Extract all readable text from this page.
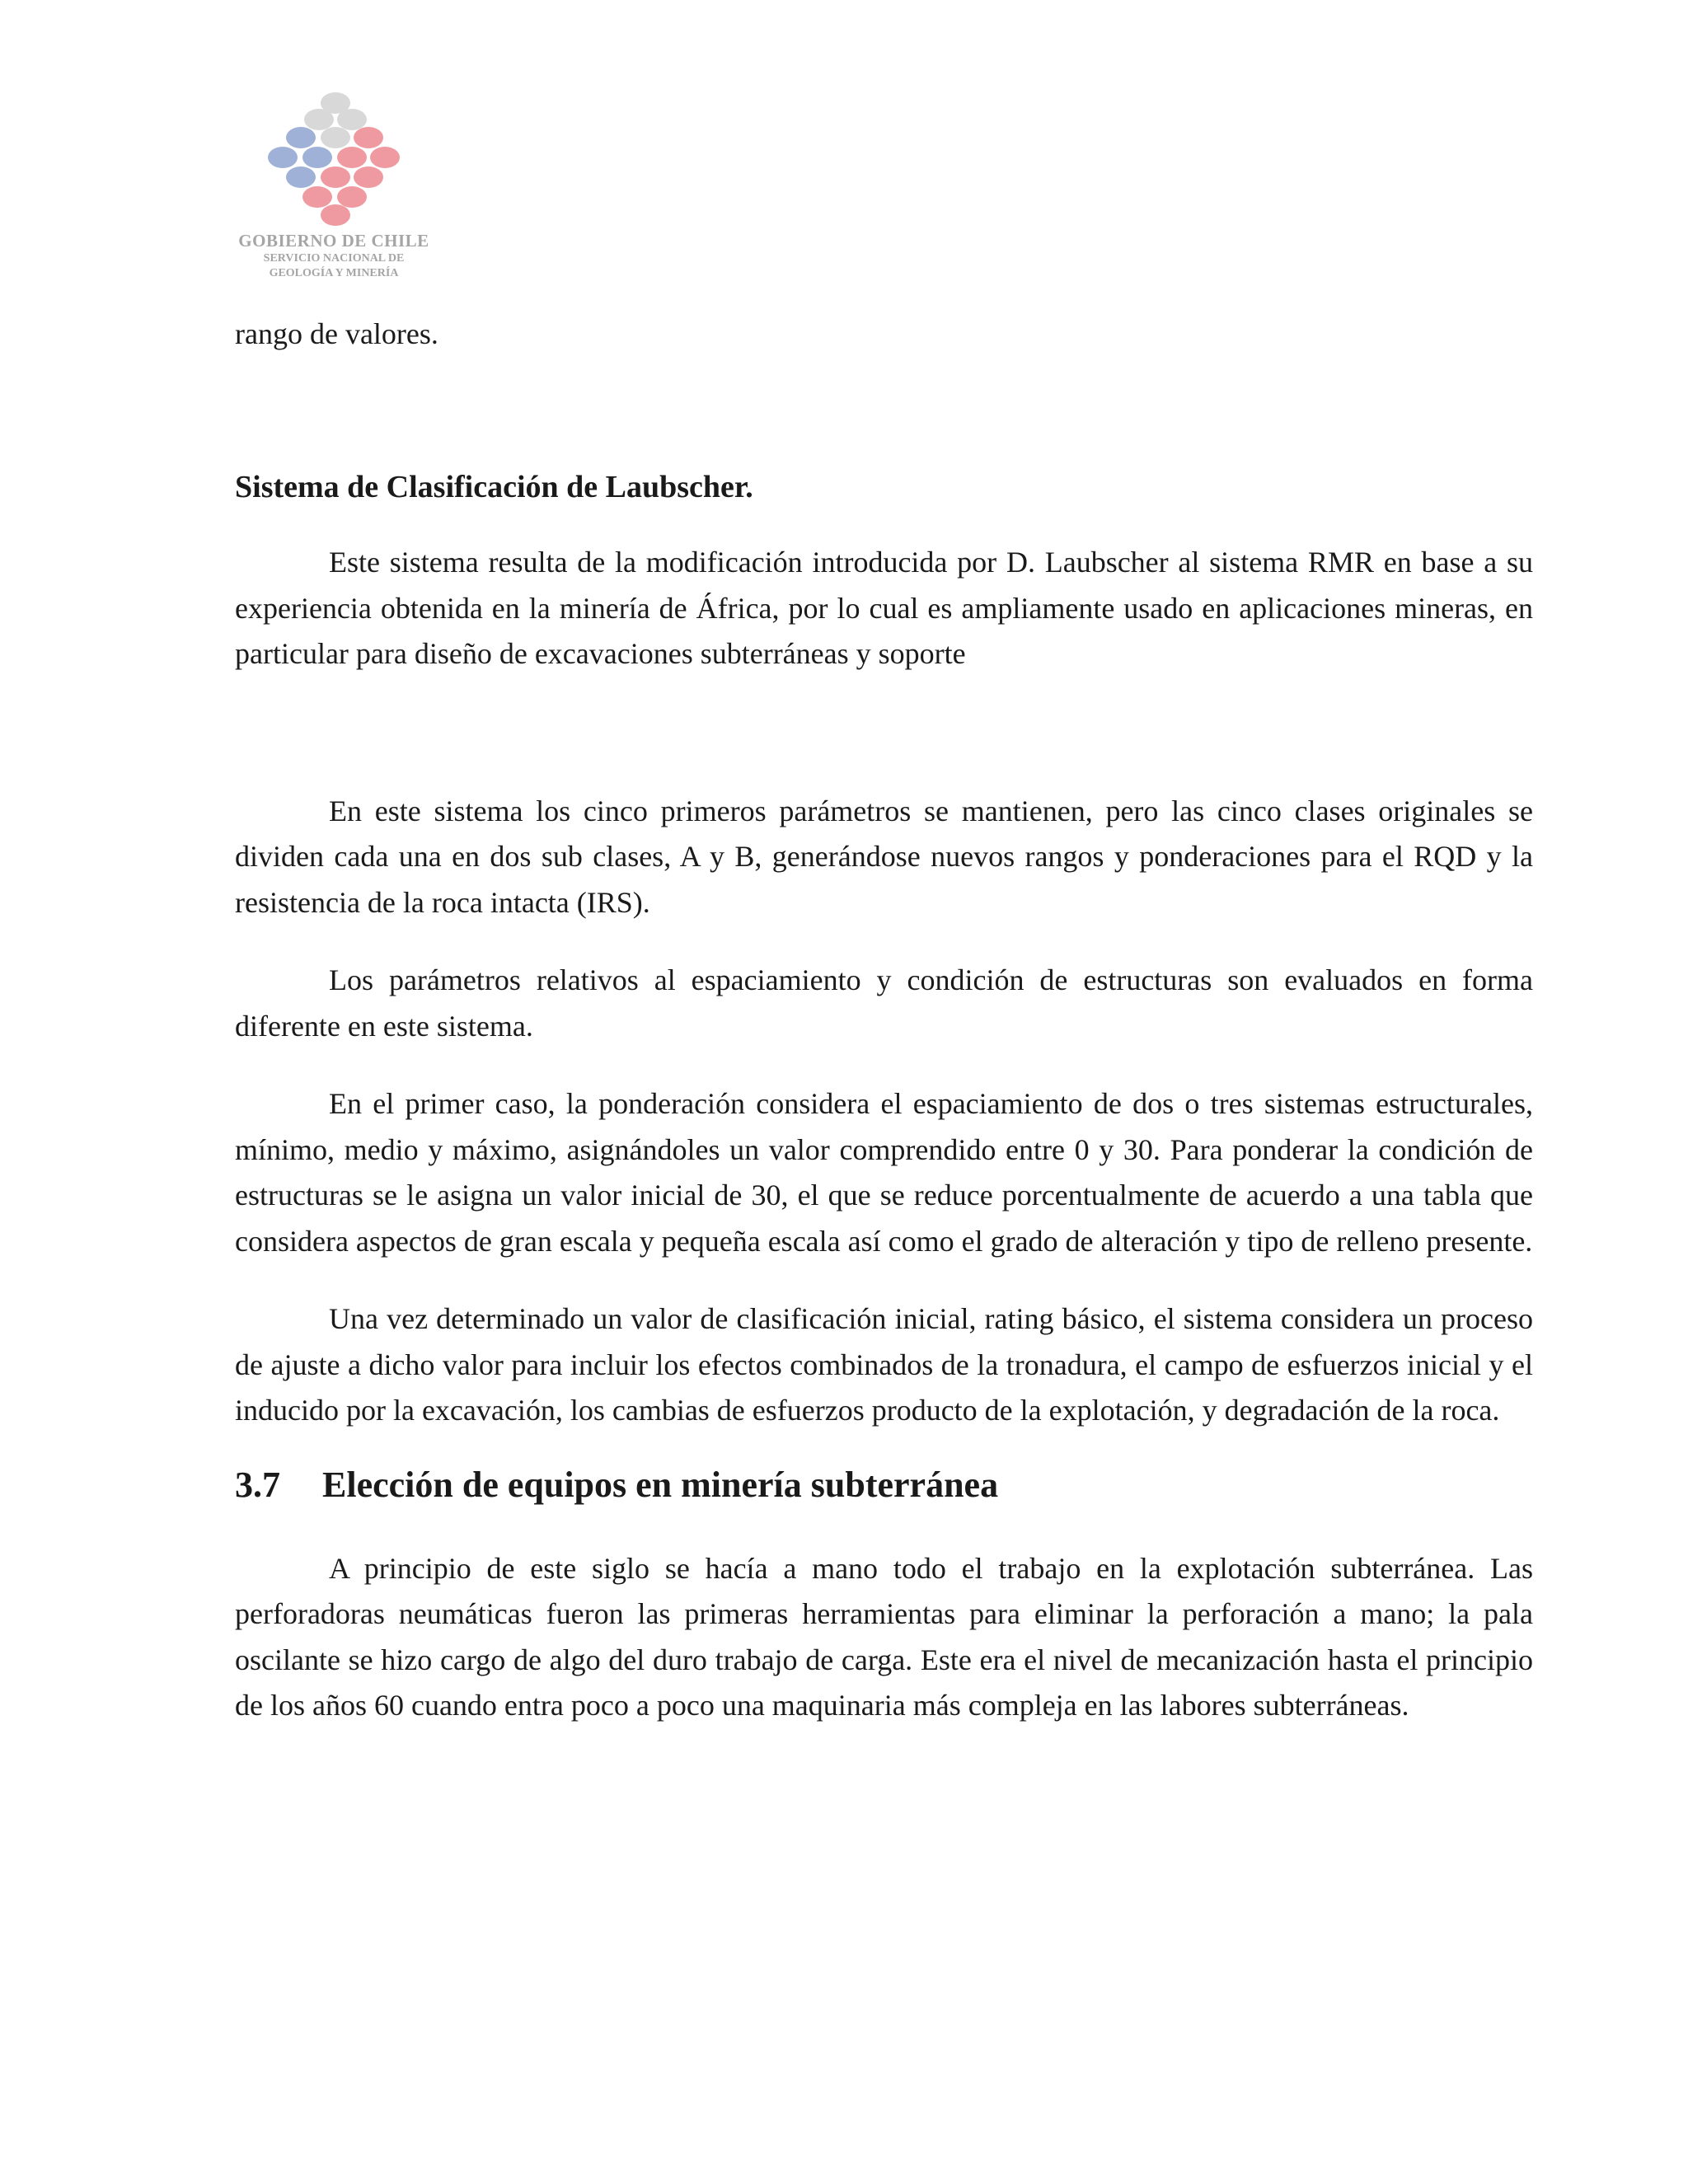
GOBIERNO DE CHILE
SERVICIO NACIONAL DE
GEOLOGÍA Y MINERÍA

rango de valores.

Sistema de Clasificación de Laubscher.

Este sistema resulta de la modificación introducida por D. Laubscher al sistema RMR en base a su experiencia obtenida en la minería de África, por lo cual es ampliamente usado en aplicaciones mineras, en particular para diseño de excavaciones subterráneas y soporte

En este sistema los cinco primeros parámetros se mantienen, pero las cinco clases originales se dividen cada una en dos sub clases, A y B, generándose nuevos rangos y ponderaciones para el RQD y la resistencia de la roca intacta (IRS).

Los parámetros relativos al espaciamiento y condición de estructuras son evaluados en forma diferente en este sistema.

En el primer caso, la ponderación considera el espaciamiento de dos o tres sistemas estructurales, mínimo, medio y máximo, asignándoles un valor comprendido entre 0 y 30. Para ponderar la condición de estructuras se le asigna un valor inicial de 30, el que se reduce porcentualmente de acuerdo a una tabla que considera aspectos de gran escala y pequeña escala así como el grado de alteración y tipo de relleno presente.

Una vez determinado un valor de clasificación inicial, rating básico, el sistema considera un proceso de ajuste a dicho valor para incluir los efectos combinados de la tronadura, el campo de esfuerzos inicial y el inducido por la excavación, los cambias de esfuerzos producto de la explotación, y degradación de la roca.

3.7	Elección de equipos en minería subterránea

A principio de este siglo se hacía a mano todo el trabajo en la explotación subterránea. Las perforadoras neumáticas fueron las primeras herramientas para eliminar la perforación a mano; la pala oscilante se hizo cargo de algo del duro trabajo de carga. Este era el nivel de mecanización hasta el principio de los años 60 cuando entra poco a poco una maquinaria más compleja en las labores subterráneas.
